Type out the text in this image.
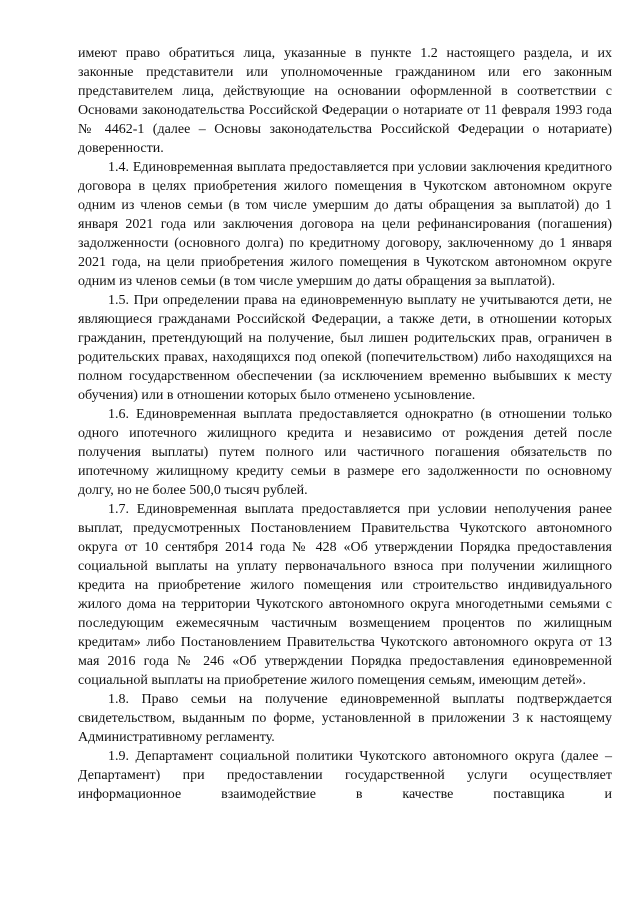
имеют право обратиться лица, указанные в пункте 1.2 настоящего раздела, и их законные представители или уполномоченные гражданином или его законным представителем лица, действующие на основании оформленной в соответствии с Основами законодательства Российской Федерации о нотариате от 11 февраля 1993 года № 4462-1 (далее – Основы законодательства Российской Федерации о нотариате) доверенности.

1.4. Единовременная выплата предоставляется при условии заключения кредитного договора в целях приобретения жилого помещения в Чукотском автономном округе одним из членов семьи (в том числе умершим до даты обращения за выплатой) до 1 января 2021 года или заключения договора на цели рефинансирования (погашения) задолженности (основного долга) по кредитному договору, заключенному до 1 января 2021 года, на цели приобретения жилого помещения в Чукотском автономном округе одним из членов семьи (в том числе умершим до даты обращения за выплатой).

1.5. При определении права на единовременную выплату не учитываются дети, не являющиеся гражданами Российской Федерации, а также дети, в отношении которых гражданин, претендующий на получение, был лишен родительских прав, ограничен в родительских правах, находящихся под опекой (попечительством) либо находящихся на полном государственном обеспечении (за исключением временно выбывших к месту обучения) или в отношении которых было отменено усыновление.

1.6. Единовременная выплата предоставляется однократно (в отношении только одного ипотечного жилищного кредита и независимо от рождения детей после получения выплаты) путем полного или частичного погашения обязательств по ипотечному жилищному кредиту семьи в размере его задолженности по основному долгу, но не более 500,0 тысяч рублей.

1.7. Единовременная выплата предоставляется при условии неполучения ранее выплат, предусмотренных Постановлением Правительства Чукотского автономного округа от 10 сентября 2014 года № 428 «Об утверждении Порядка предоставления социальной выплаты на уплату первоначального взноса при получении жилищного кредита на приобретение жилого помещения или строительство индивидуального жилого дома на территории Чукотского автономного округа многодетными семьями с последующим ежемесячным частичным возмещением процентов по жилищным кредитам» либо Постановлением Правительства Чукотского автономного округа от 13 мая 2016 года № 246 «Об утверждении Порядка предоставления единовременной социальной выплаты на приобретение жилого помещения семьям, имеющим детей».

1.8. Право семьи на получение единовременной выплаты подтверждается свидетельством, выданным по форме, установленной в приложении 3 к настоящему Административному регламенту.

1.9. Департамент социальной политики Чукотского автономного округа (далее – Департамент) при предоставлении государственной услуги осуществляет информационное взаимодействие в качестве поставщика и
